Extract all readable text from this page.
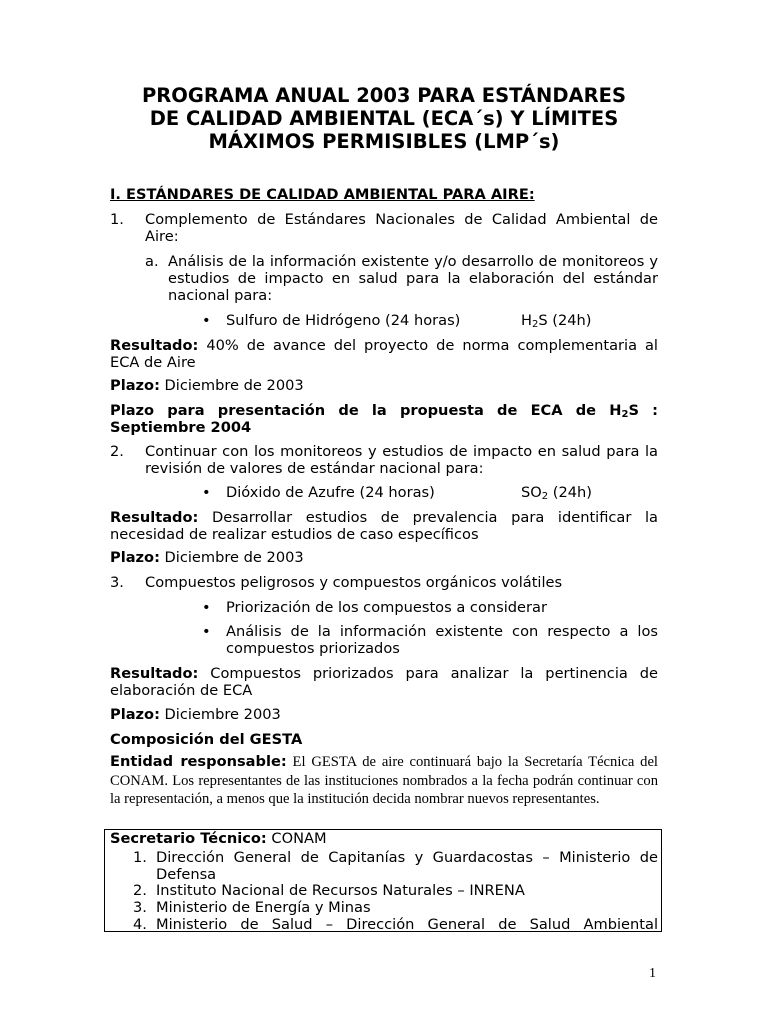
PROGRAMA ANUAL 2003 PARA ESTÁNDARES
DE CALIDAD AMBIENTAL (ECA´s) Y LÍMITES
MÁXIMOS PERMISIBLES (LMP´s)
I. ESTÁNDARES DE CALIDAD AMBIENTAL PARA AIRE:
1. Complemento de Estándares Nacionales de Calidad Ambiental de Aire:
a. Análisis de la información existente y/o desarrollo de monitoreos y estudios de impacto en salud para la elaboración del estándar nacional para:
• Sulfuro de Hidrógeno (24 horas)	$H_2S$ (24h)
Resultado: 40% de avance del proyecto de norma complementaria al ECA de Aire
Plazo: Diciembre de 2003
Plazo para presentación de la propuesta de ECA de $H_2S$ : Septiembre 2004
2. Continuar con los monitoreos y estudios de impacto en salud para la revisión de valores de estándar nacional para:
• Dióxido de Azufre (24 horas)	$SO_2$ (24h)
Resultado: Desarrollar estudios de prevalencia para identificar la necesidad de realizar estudios de caso específicos
Plazo: Diciembre de 2003
3. Compuestos peligrosos y compuestos orgánicos volátiles
• Priorización de los compuestos a considerar
• Análisis de la información existente con respecto a los compuestos priorizados
Resultado: Compuestos priorizados para analizar la pertinencia de elaboración de ECA
Plazo: Diciembre 2003
Composición del GESTA
Entidad responsable: El GESTA de aire continuará bajo la Secretaría Técnica del CONAM. Los representantes de las instituciones nombrados a la fecha podrán continuar con la representación, a menos que la institución decida nombrar nuevos representantes.
Secretario Técnico: CONAM
1. Dirección General de Capitanías y Guardacostas – Ministerio de Defensa
2. Instituto Nacional de Recursos Naturales – INRENA
3. Ministerio de Energía y Minas
4. Ministerio de Salud – Dirección General de Salud Ambiental
1
